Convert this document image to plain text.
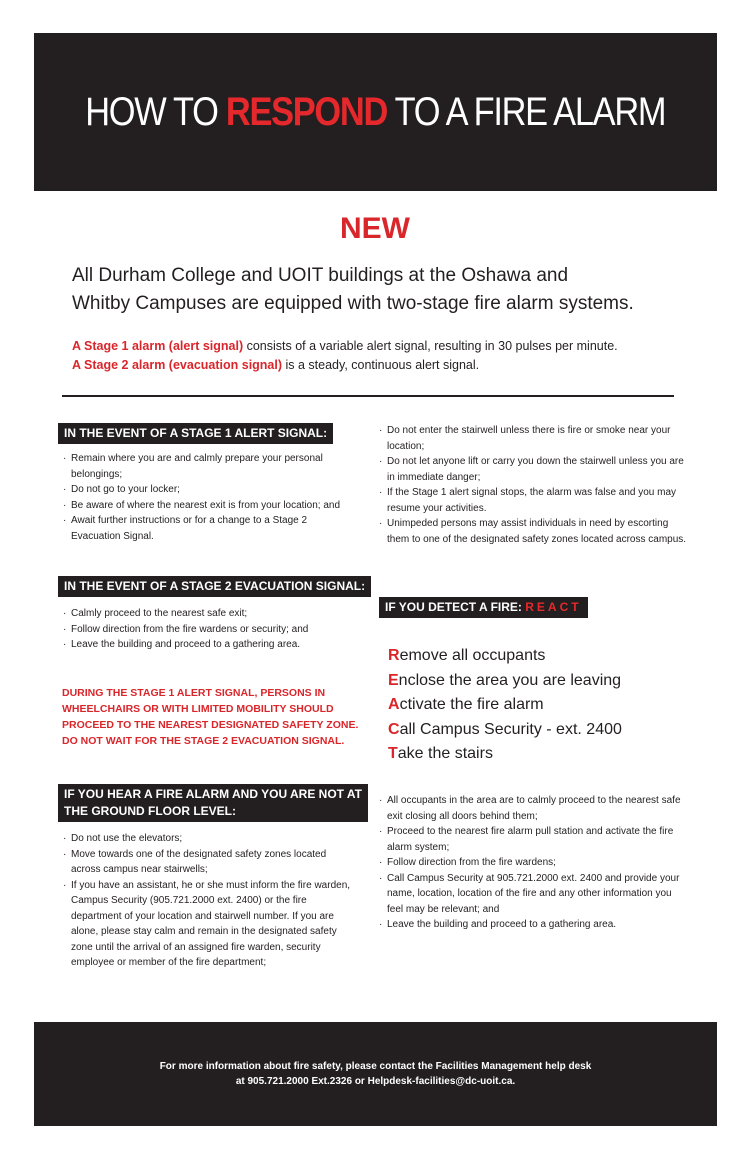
HOW TO RESPOND TO A FIRE ALARM
NEW
All Durham College and UOIT buildings at the Oshawa and
Whitby Campuses are equipped with two-stage fire alarm systems.
A Stage 1 alarm (alert signal) consists of a variable alert signal, resulting in 30 pulses per minute.
A Stage 2 alarm (evacuation signal) is a steady, continuous alert signal.
IN THE EVENT OF A STAGE 1 ALERT SIGNAL:
· Remain where you are and calmly prepare your personal belongings;
· Do not go to your locker;
· Be aware of where the nearest exit is from your location; and
· Await further instructions or for a change to a Stage 2 Evacuation Signal.
IN THE EVENT OF A STAGE 2 EVACUATION SIGNAL:
· Calmly proceed to the nearest safe exit;
· Follow direction from the fire wardens or security; and
· Leave the building and proceed to a gathering area.
DURING THE STAGE 1 ALERT SIGNAL, PERSONS IN
WHEELCHAIRS OR WITH LIMITED MOBILITY SHOULD
PROCEED TO THE NEAREST DESIGNATED SAFETY ZONE.
DO NOT WAIT FOR THE STAGE 2 EVACUATION SIGNAL.
IF YOU HEAR A FIRE ALARM AND YOU ARE NOT AT
THE GROUND FLOOR LEVEL:
· Do not use the elevators;
· Move towards one of the designated safety zones located across campus near stairwells;
· If you have an assistant, he or she must inform the fire warden, Campus Security (905.721.2000 ext. 2400) or the fire department of your location and stairwell number. If you are alone, please stay calm and remain in the designated safety zone until the arrival of an assigned fire warden, security employee or member of the fire department;
· Do not enter the stairwell unless there is fire or smoke near your location;
· Do not let anyone lift or carry you down the stairwell unless you are in immediate danger;
· If the Stage 1 alert signal stops, the alarm was false and you may resume your activities.
· Unimpeded persons may assist individuals in need by escorting them to one of the designated safety zones located across campus.
IF YOU DETECT A FIRE: REACT
Remove all occupants
Enclose the area you are leaving
Activate the fire alarm
Call Campus Security - ext. 2400
Take the stairs
· All occupants in the area are to calmly proceed to the nearest safe exit closing all doors behind them;
· Proceed to the nearest fire alarm pull station and activate the fire alarm system;
· Follow direction from the fire wardens;
· Call Campus Security at 905.721.2000 ext. 2400 and provide your name, location, location of the fire and any other information you feel may be relevant; and
· Leave the building and proceed to a gathering area.
For more information about fire safety, please contact the Facilities Management help desk
at 905.721.2000 Ext.2326 or Helpdesk-facilities@dc-uoit.ca.
